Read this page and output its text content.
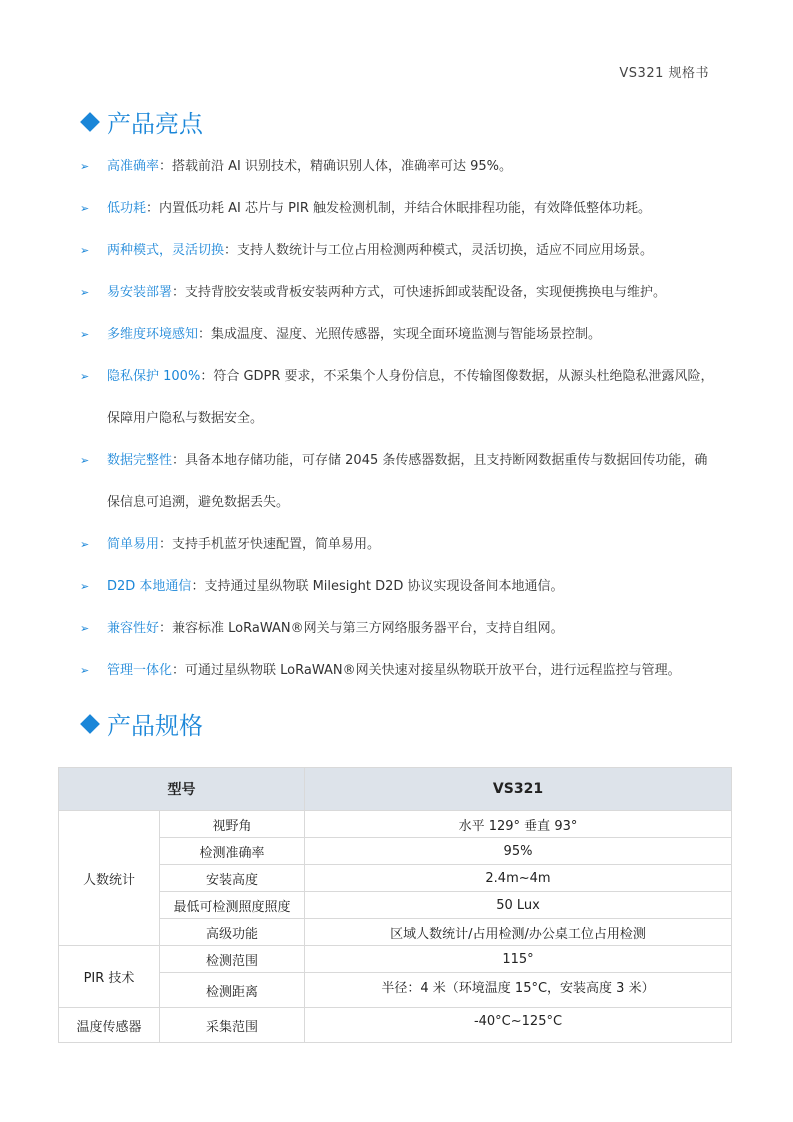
VS321 规格书
产品亮点
➢ 高准确率：搭载前沿 AI 识别技术，精确识别人体，准确率可达 95%。
➢ 低功耗：内置低功耗 AI 芯片与 PIR 触发检测机制，并结合休眠排程功能，有效降低整体功耗。
➢ 两种模式，灵活切换：支持人数统计与工位占用检测两种模式，灵活切换，适应不同应用场景。
➢ 易安装部署：支持背胶安装或背板安装两种方式，可快速拆卸或装配设备，实现便携换电与维护。
➢ 多维度环境感知：集成温度、湿度、光照传感器，实现全面环境监测与智能场景控制。
➢ 隐私保护 100%：符合 GDPR 要求，不采集个人身份信息，不传输图像数据，从源头杜绝隐私泄露风险，保障用户隐私与数据安全。
➢ 数据完整性：具备本地存储功能，可存储 2045 条传感器数据，且支持断网数据重传与数据回传功能，确保信息可追溯，避免数据丢失。
➢ 简单易用：支持手机蓝牙快速配置，简单易用。
➢ D2D 本地通信：支持通过星纵物联 Milesight D2D 协议实现设备间本地通信。
➢ 兼容性好：兼容标准 LoRaWAN®网关与第三方网络服务器平台，支持自组网。
➢ 管理一体化：可通过星纵物联 LoRaWAN®网关快速对接星纵物联开放平台，进行远程监控与管理。
产品规格
型号		VS321
人数统计	视野角	水平 129° 垂直 93°
	检测准确率	95%
	安装高度	2.4m~4m
	最低可检测照度照度	50 Lux
	高级功能	区域人数统计/占用检测/办公桌工位占用检测
PIR 技术	检测范围	115°
	检测距离	半径：4 米（环境温度 15°C，安装高度 3 米）
温度传感器	采集范围	-40°C~125°C
